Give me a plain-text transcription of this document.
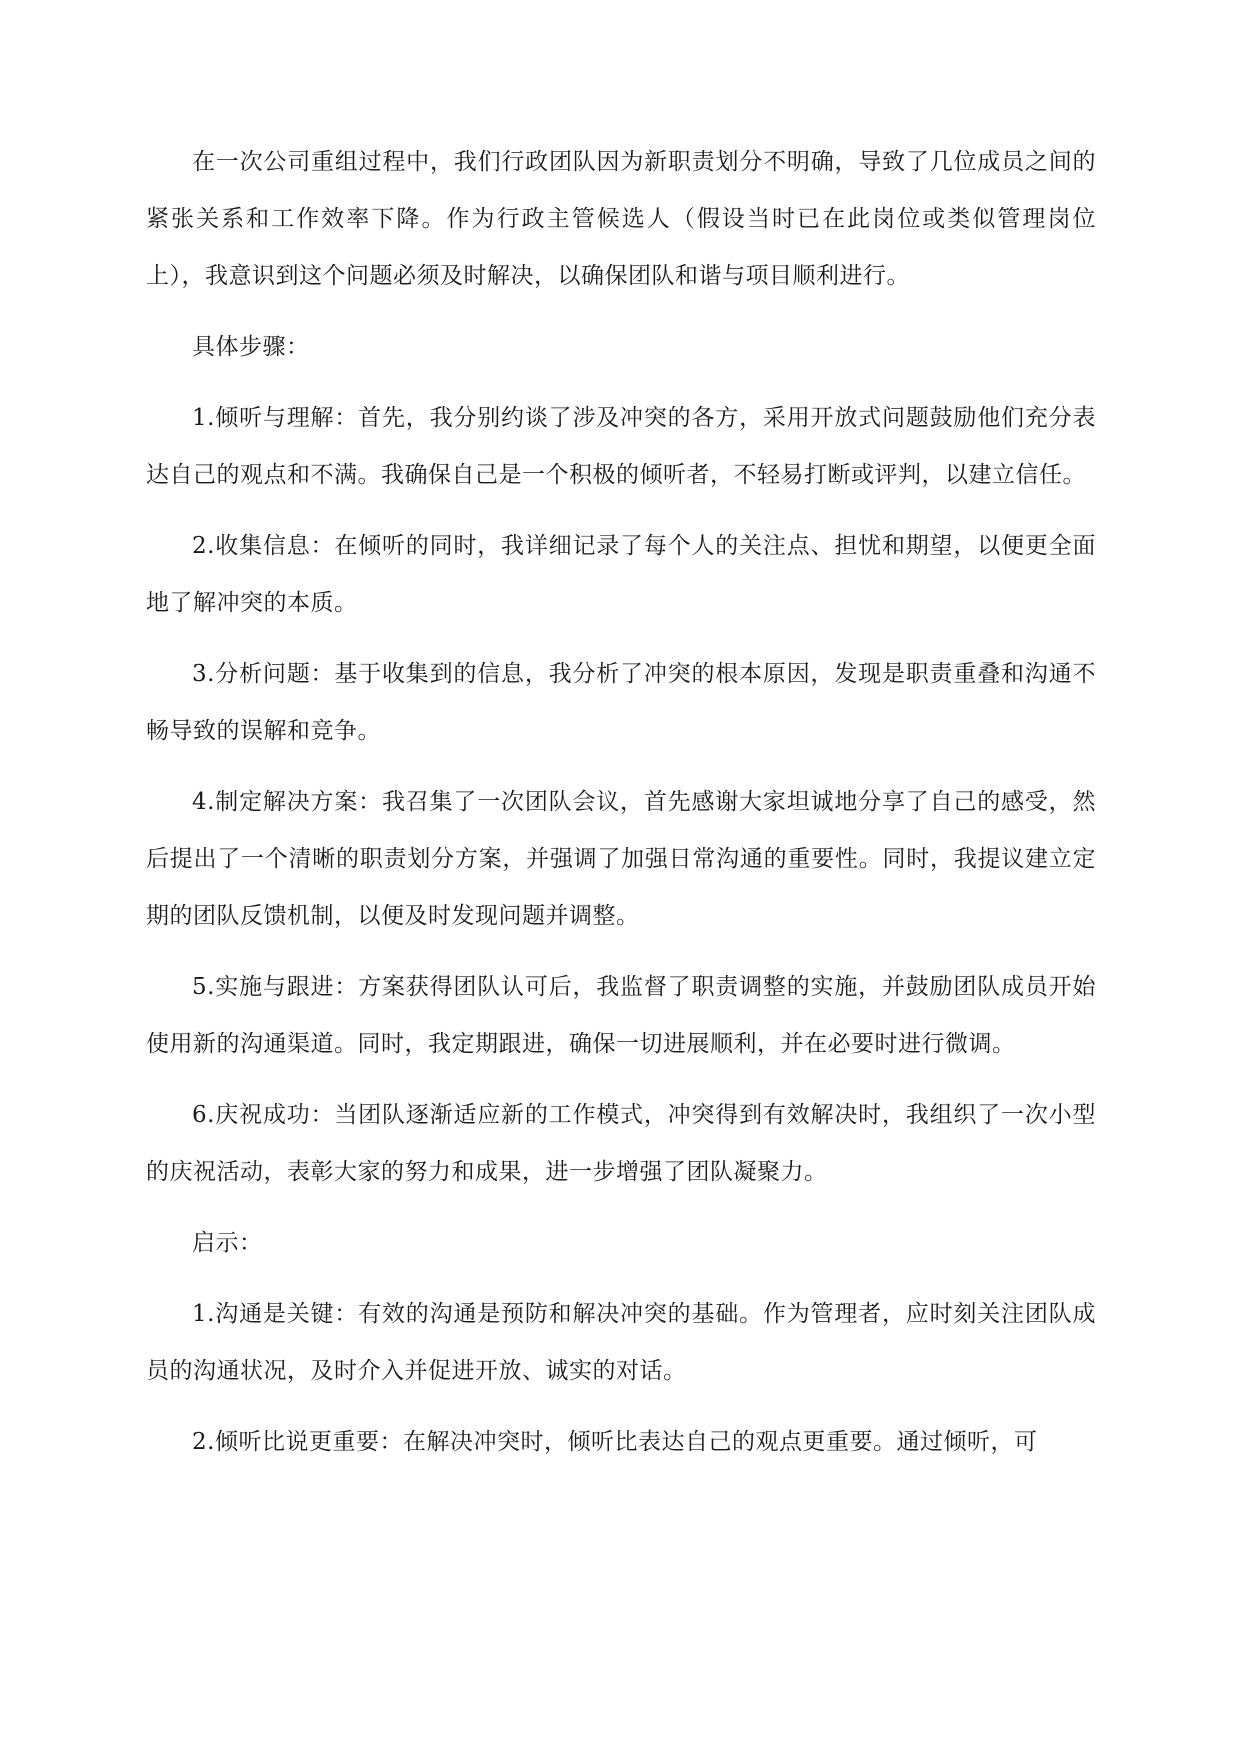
在一次公司重组过程中，我们行政团队因为新职责划分不明确，导致了几位成员之间的紧张关系和工作效率下降。作为行政主管候选人（假设当时已在此岗位或类似管理岗位上），我意识到这个问题必须及时解决，以确保团队和谐与项目顺利进行。

具体步骤：

1.倾听与理解：首先，我分别约谈了涉及冲突的各方，采用开放式问题鼓励他们充分表达自己的观点和不满。我确保自己是一个积极的倾听者，不轻易打断或评判，以建立信任。

2.收集信息：在倾听的同时，我详细记录了每个人的关注点、担忧和期望，以便更全面地了解冲突的本质。

3.分析问题：基于收集到的信息，我分析了冲突的根本原因，发现是职责重叠和沟通不畅导致的误解和竞争。

4.制定解决方案：我召集了一次团队会议，首先感谢大家坦诚地分享了自己的感受，然后提出了一个清晰的职责划分方案，并强调了加强日常沟通的重要性。同时，我提议建立定期的团队反馈机制，以便及时发现问题并调整。

5.实施与跟进：方案获得团队认可后，我监督了职责调整的实施，并鼓励团队成员开始使用新的沟通渠道。同时，我定期跟进，确保一切进展顺利，并在必要时进行微调。

6.庆祝成功：当团队逐渐适应新的工作模式，冲突得到有效解决时，我组织了一次小型的庆祝活动，表彰大家的努力和成果，进一步增强了团队凝聚力。

启示：

1.沟通是关键：有效的沟通是预防和解决冲突的基础。作为管理者，应时刻关注团队成员的沟通状况，及时介入并促进开放、诚实的对话。

2.倾听比说更重要：在解决冲突时，倾听比表达自己的观点更重要。通过倾听，可
